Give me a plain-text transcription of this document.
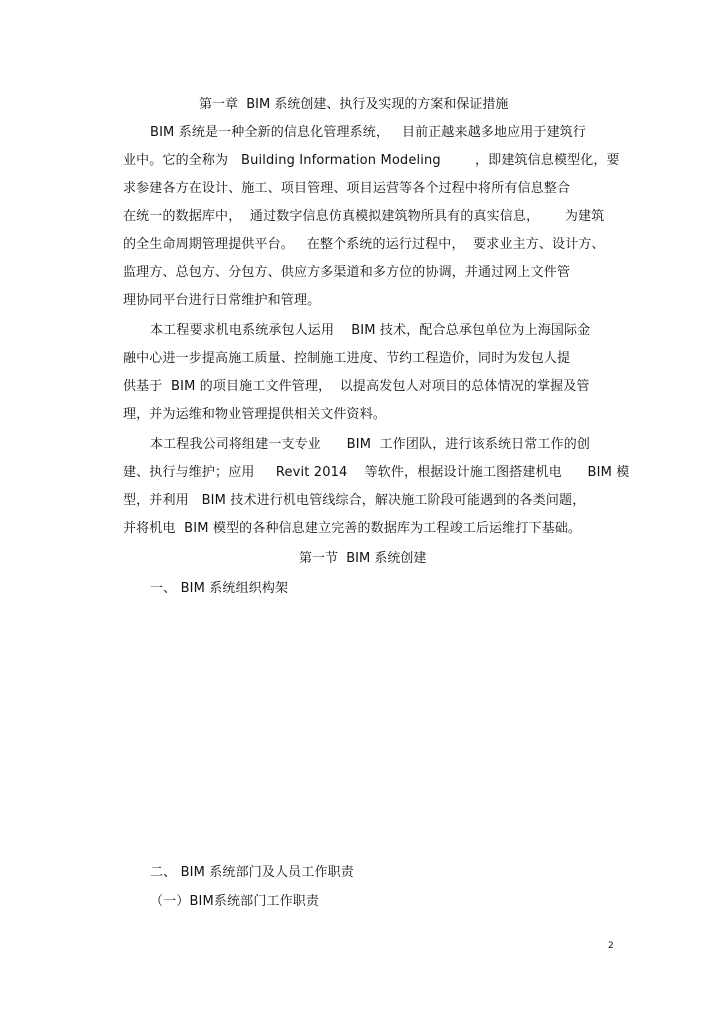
第一章  BIM 系统创建、执行及实现的方案和保证措施
BIM 系统是一种全新的信息化管理系统，   目前正越来越多地应用于建筑行
业中。它的全称为   Building Information Modeling        ，即建筑信息模型化，要
求参建各方在设计、施工、项目管理、项目运营等各个过程中将所有信息整合
在统一的数据库中，  通过数字信息仿真模拟建筑物所具有的真实信息，      为建筑
的全生命周期管理提供平台。   在整个系统的运行过程中，  要求业主方、设计方、
监理方、总包方、分包方、供应方多渠道和多方位的协调，并通过网上文件管
理协同平台进行日常维护和管理。
本工程要求机电系统承包人运用    BIM 技术，配合总承包单位为上海国际金
融中心进一步提高施工质量、控制施工进度、节约工程造价，同时为发包人提
供基于  BIM 的项目施工文件管理，  以提高发包人对项目的总体情况的掌握及管
理，并为运维和物业管理提供相关文件资料。
本工程我公司将组建一支专业      BIM  工作团队，进行该系统日常工作的创
建、执行与维护；应用     Revit 2014    等软件，根据设计施工图搭建机电      BIM 模
型，并利用   BIM 技术进行机电管线综合，解决施工阶段可能遇到的各类问题，
并将机电  BIM 模型的各种信息建立完善的数据库为工程竣工后运维打下基础。
第一节  BIM 系统创建
一、 BIM 系统组织构架
二、 BIM 系统部门及人员工作职责
（一）BIM系统部门工作职责
2
